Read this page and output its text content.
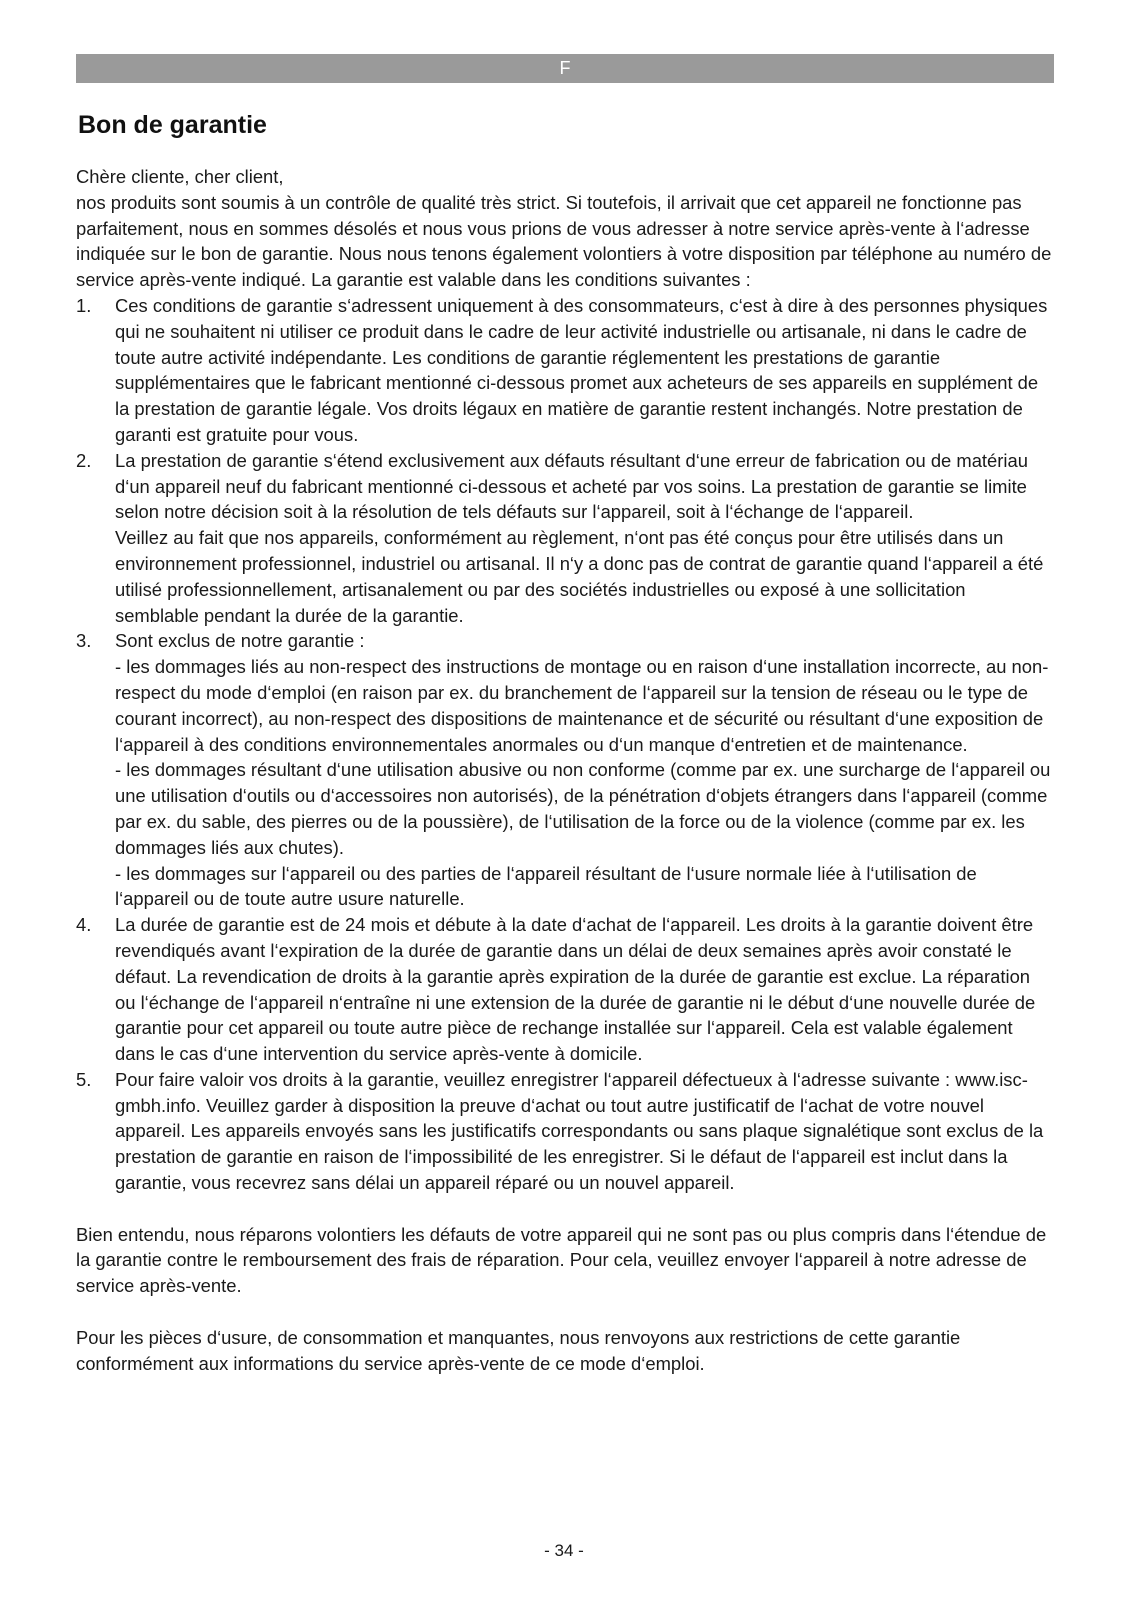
F
Bon de garantie

Chère cliente, cher client,

nos produits sont soumis à un contrôle de qualité très strict. Si toutefois, il arrivait que cet appareil ne fonctionne pas parfaitement, nous en sommes désolés et nous vous prions de vous adresser à notre service après-vente à l‘adresse indiquée sur le bon de garantie. Nous nous tenons également volontiers à votre disposition par téléphone au numéro de service après-vente indiqué. La garantie est valable dans les conditions suivantes :

1. Ces conditions de garantie s‘adressent uniquement à des consommateurs, c‘est à dire à des personnes physiques qui ne souhaitent ni utiliser ce produit dans le cadre de leur activité industrielle ou artisanale, ni dans le cadre de toute autre activité indépendante. Les conditions de garantie réglementent les prestations de garantie supplémentaires que le fabricant mentionné ci-dessous promet aux acheteurs de ses appareils en supplément de la prestation de garantie légale. Vos droits légaux en matière de garantie restent inchangés. Notre prestation de garanti est gratuite pour vous.

2. La prestation de garantie s‘étend exclusivement aux défauts résultant d‘une erreur de fabrication ou de matériau d‘un appareil neuf du fabricant mentionné ci-dessous et acheté par vos soins. La prestation de garantie se limite selon notre décision soit à la résolution de tels défauts sur l‘appareil, soit à l‘échange de l‘appareil.

Veillez au fait que nos appareils, conformément au règlement, n‘ont pas été conçus pour être utilisés dans un environnement professionnel, industriel ou artisanal. Il n‘y a donc pas de contrat de garantie quand l‘appareil a été utilisé professionnellement, artisanalement ou par des sociétés industrielles ou exposé à une sollicitation semblable pendant la durée de la garantie.

3. Sont exclus de notre garantie :

- les dommages liés au non-respect des instructions de montage ou en raison d‘une installation incorrecte, au non-respect du mode d‘emploi (en raison par ex. du branchement de l‘appareil sur la tension de réseau ou le type de courant incorrect), au non-respect des dispositions de maintenance et de sécurité ou résultant d‘une exposition de l‘appareil à des conditions environnementales anormales ou d‘un manque d‘entretien et de maintenance.

- les dommages résultant d‘une utilisation abusive ou non conforme (comme par ex. une surcharge de l‘appareil ou une utilisation d‘outils ou d‘accessoires non autorisés), de la pénétration d‘objets étrangers dans l‘appareil (comme par ex. du sable, des pierres ou de la poussière), de l‘utilisation de la force ou de la violence (comme par ex. les dommages liés aux chutes).

- les dommages sur l‘appareil ou des parties de l‘appareil résultant de l‘usure normale liée à l‘utilisation de l‘appareil ou de toute autre usure naturelle.

4. La durée de garantie est de 24 mois et débute à la date d‘achat de l‘appareil. Les droits à la garantie doivent être revendiqués avant l‘expiration de la durée de garantie dans un délai de deux semaines après avoir constaté le défaut. La revendication de droits à la garantie après expiration de la durée de garantie est exclue. La réparation ou l‘échange de l‘appareil n‘entraîne ni une extension de la durée de garantie ni le début d‘une nouvelle durée de garantie pour cet appareil ou toute autre pièce de rechange installée sur l‘appareil. Cela est valable également dans le cas d‘une intervention du service après-vente à domicile.

5. Pour faire valoir vos droits à la garantie, veuillez enregistrer l‘appareil défectueux à l‘adresse suivante : www.isc-gmbh.info. Veuillez garder à disposition la preuve d‘achat ou tout autre justificatif de l‘achat de votre nouvel appareil. Les appareils envoyés sans les justificatifs correspondants ou sans plaque signalétique sont exclus de la prestation de garantie en raison de l‘impossibilité de les enregistrer. Si le défaut de l‘appareil est inclut dans la garantie, vous recevrez sans délai un appareil réparé ou un nouvel appareil.

Bien entendu, nous réparons volontiers les défauts de votre appareil qui ne sont pas ou plus compris dans l‘étendue de la garantie contre le remboursement des frais de réparation. Pour cela, veuillez envoyer l‘appareil à notre adresse de service après-vente.

Pour les pièces d‘usure, de consommation et manquantes, nous renvoyons aux restrictions de cette garantie conformément aux informations du service après-vente de ce mode d‘emploi.

- 34 -
